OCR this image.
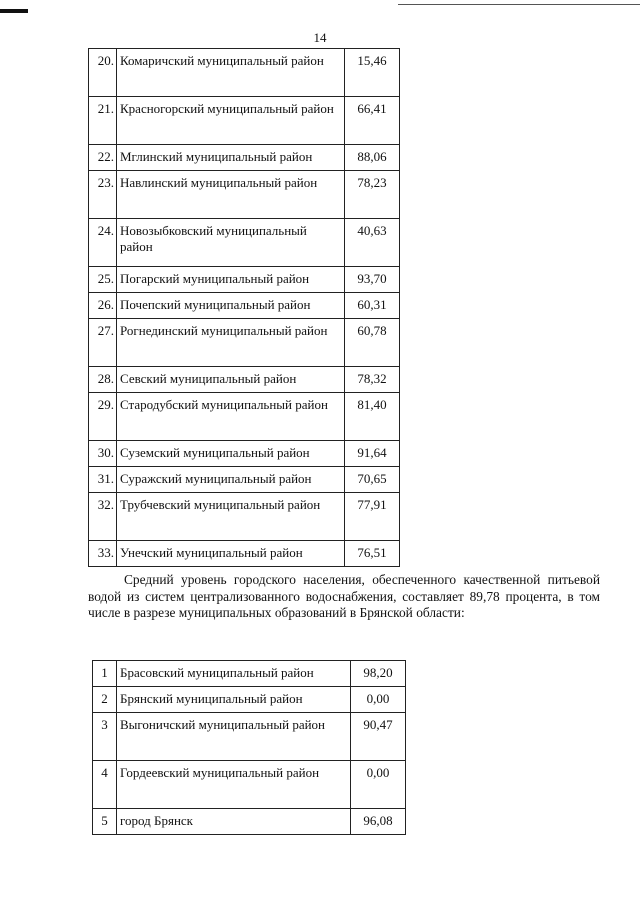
14
20.	Комаричский муниципальный район	15,46
21.	Красногорский муниципальный район	66,41
22.	Мглинский муниципальный район	88,06
23.	Навлинский муниципальный район	78,23
24.	Новозыбковский муниципальный район	40,63
25.	Погарский муниципальный район	93,70
26.	Почепский муниципальный район	60,31
27.	Рогнединский муниципальный район	60,78
28.	Севский муниципальный район	78,32
29.	Стародубский муниципальный район	81,40
30.	Суземский муниципальный район	91,64
31.	Суражский муниципальный район	70,65
32.	Трубчевский муниципальный район	77,91
33.	Унечский муниципальный район	76,51

Средний уровень городского населения, обеспеченного качественной питьевой водой из систем централизованного водоснабжения, составляет 89,78 процента, в том числе в разрезе муниципальных образований в Брянской области:

1	Брасовский муниципальный район	98,20
2	Брянский муниципальный район	0,00
3	Выгоничский муниципальный район	90,47
4	Гордеевский муниципальный район	0,00
5	город Брянск	96,08
